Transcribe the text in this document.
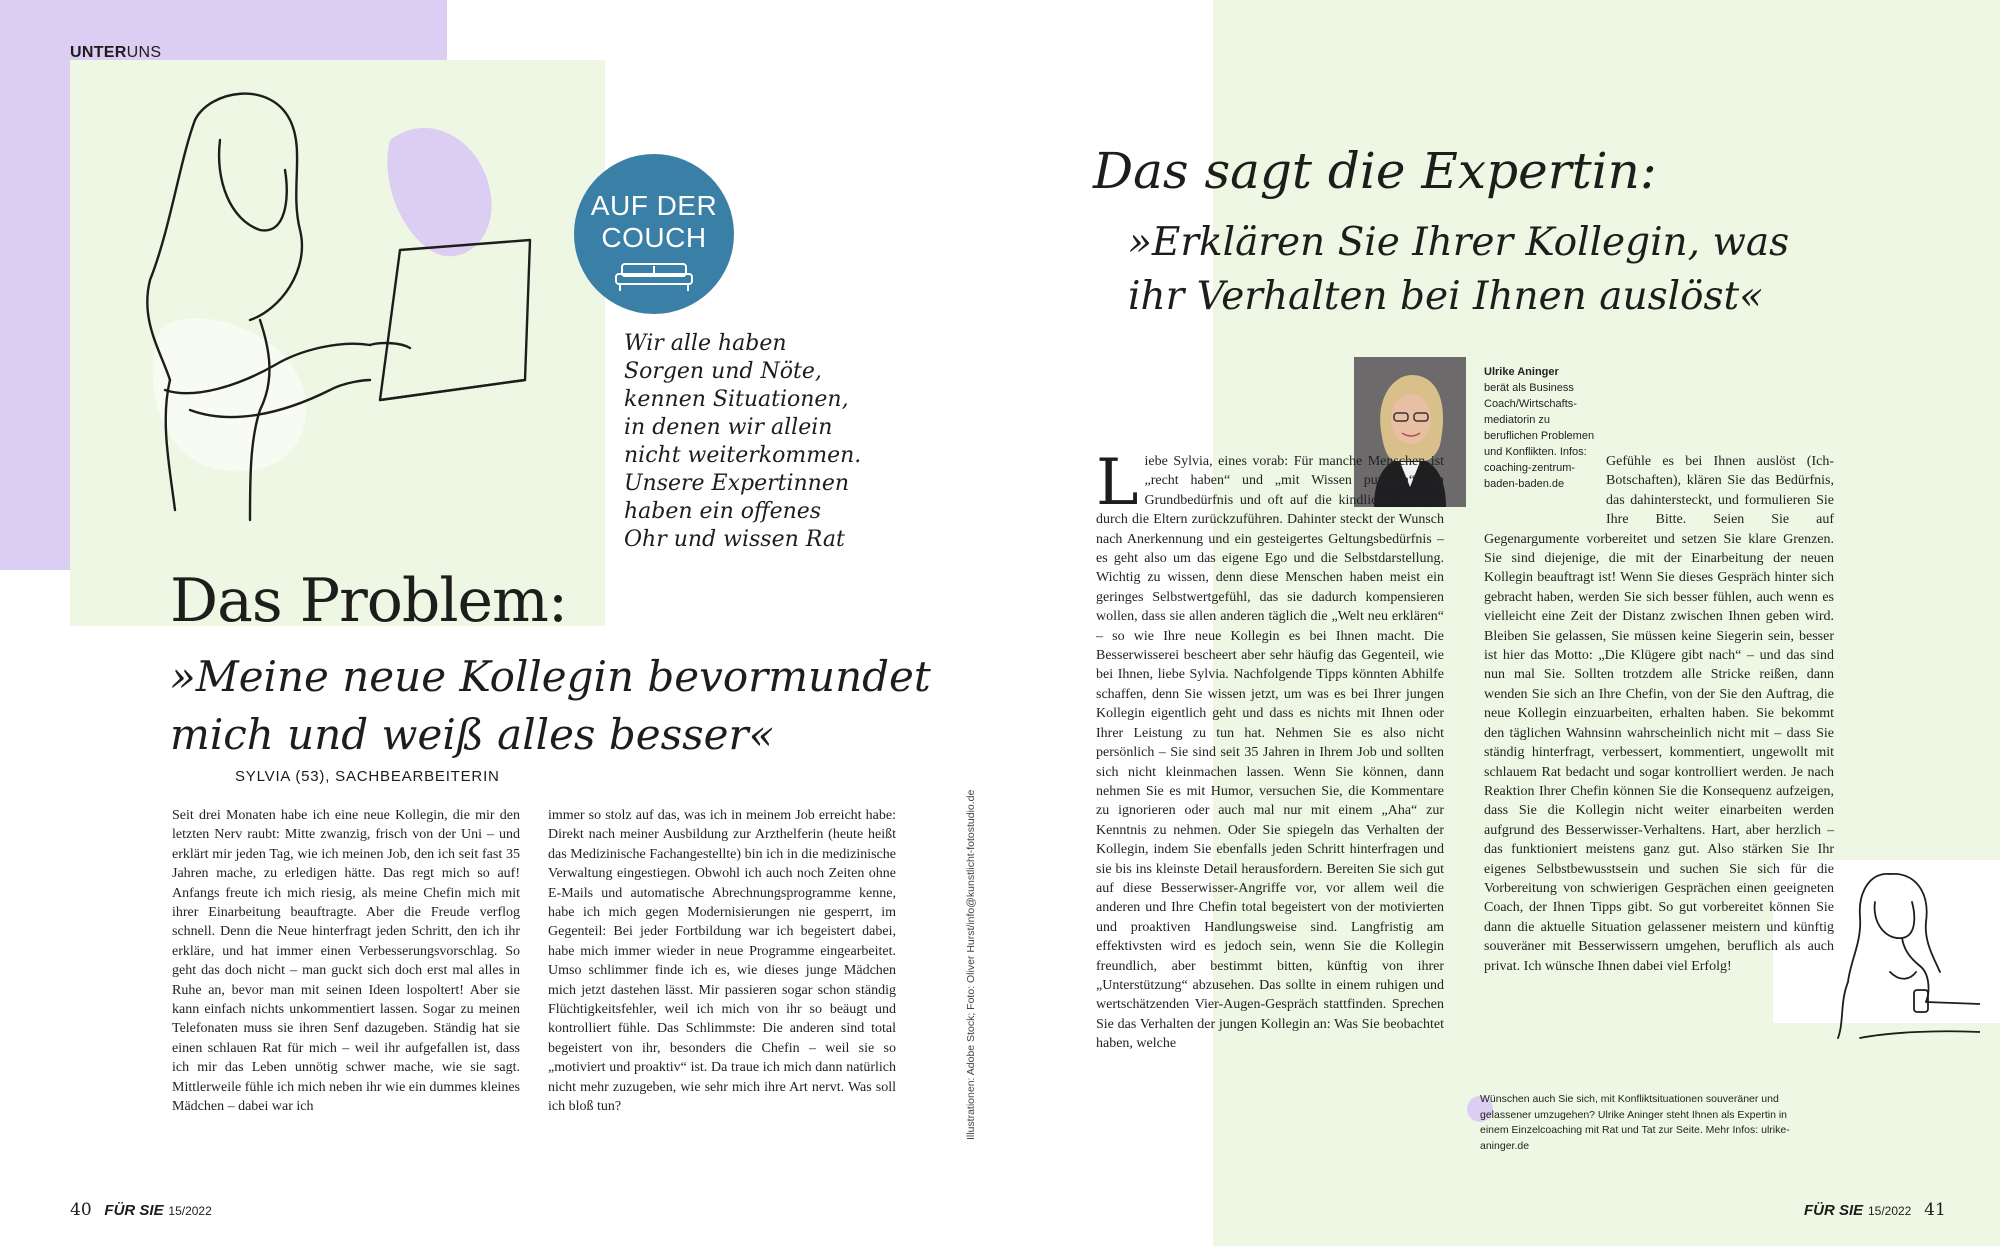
UNTERUNS
AUF DER
COUCH
Wir alle haben
Sorgen und Nöte,
kennen Situationen,
in denen wir allein
nicht weiterkommen.
Unsere Expertinnen
haben ein offenes
Ohr und wissen Rat
Das Problem:
»Meine neue Kollegin bevormundet
mich und weiß alles besser«
SYLVIA (53), SACHBEARBEITERIN

Seit drei Monaten habe ich eine neue Kollegin, die mir den letzten Nerv raubt: Mitte zwanzig, frisch von der Uni – und erklärt mir jeden Tag, wie ich meinen Job, den ich seit fast 35 Jahren mache, zu erledigen hätte. Das regt mich so auf! Anfangs freute ich mich riesig, als meine Chefin mich mit ihrer Einarbeitung beauftragte. Aber die Freude verflog schnell. Denn die Neue hinterfragt jeden Schritt, den ich ihr erkläre, und hat immer einen Verbesserungsvorschlag. So geht das doch nicht – man guckt sich doch erst mal alles in Ruhe an, bevor man mit seinen Ideen lospoltert! Aber sie kann einfach nichts unkommentiert lassen. Sogar zu meinen Telefonaten muss sie ihren Senf dazugeben. Ständig hat sie einen schlauen Rat für mich – weil ihr aufgefallen ist, dass ich mir das Leben unnötig schwer mache, wie sie sagt. Mittlerweile fühle ich mich neben ihr wie ein dummes kleines Mädchen – dabei war ich

immer so stolz auf das, was ich in meinem Job erreicht habe: Direkt nach meiner Ausbildung zur Arzthelferin (heute heißt das Medizinische Fachangestellte) bin ich in die medizinische Verwaltung eingestiegen. Obwohl ich auch noch Zeiten ohne E-Mails und automatische Abrechnungsprogramme kenne, habe ich mich gegen Modernisierungen nie gesperrt, im Gegenteil: Bei jeder Fortbildung war ich begeistert dabei, habe mich immer wieder in neue Programme eingearbeitet. Umso schlimmer finde ich es, wie dieses junge Mädchen mich jetzt dastehen lässt. Mir passieren sogar schon ständig Flüchtigkeitsfehler, weil ich mich von ihr so beäugt und kontrolliert fühle. Das Schlimmste: Die anderen sind total begeistert von ihr, besonders die Chefin – weil sie so „motiviert und proaktiv“ ist. Da traue ich mich dann natürlich nicht mehr zuzugeben, wie sehr mich ihre Art nervt. Was soll ich bloß tun?	Illustrationen: Adobe Stock; Foto: Oliver Hurst/info@kunstlicht-fotostudio.de
40 FÜR SIE 15/2022
Das sagt die Expertin:
»Erklären Sie Ihrer Kollegin, was
ihr Verhalten bei Ihnen auslöst«
Ulrike Aninger
berät als Business
Coach/Wirtschafts-
mediatorin zu
beruflichen Problemen
und Konflikten. Infos:
coaching-zentrum-
baden-baden.de
L iebe Sylvia, eines vorab: Für manche Menschen ist „recht haben“ und „mit Wissen punkten“ ein Grundbedürfnis und oft auf die kindliche Prägung durch die Eltern zurückzuführen. Dahinter steckt der Wunsch nach Anerkennung und ein gesteigertes Geltungsbedürfnis – es geht also um das eigene Ego und die Selbstdarstellung. Wichtig zu wissen, denn diese Menschen haben meist ein geringes Selbstwertgefühl, das sie dadurch kompensieren wollen, dass sie allen anderen täglich die „Welt neu erklären“ – so wie Ihre neue Kollegin es bei Ihnen macht. Die Besserwisserei bescheert aber sehr häufig das Gegenteil, wie bei Ihnen, liebe Sylvia. Nachfolgende Tipps könnten Abhilfe schaffen, denn Sie wissen jetzt, um was es bei Ihrer jungen Kollegin eigentlich geht und dass es nichts mit Ihnen oder Ihrer Leistung zu tun hat. Nehmen Sie es also nicht persönlich – Sie sind seit 35 Jahren in Ihrem Job und sollten sich nicht kleinmachen lassen. Wenn Sie können, dann nehmen Sie es mit Humor, versuchen Sie, die Kommentare zu ignorieren oder auch mal nur mit einem „Aha“ zur Kenntnis zu nehmen. Oder Sie spiegeln das Verhalten der Kollegin, indem Sie ebenfalls jeden Schritt hinterfragen und sie bis ins kleinste Detail herausfordern. Bereiten Sie sich gut auf diese Besserwisser-Angriffe vor, vor allem weil die anderen und Ihre Chefin total begeistert von der motivierten und proaktiven Handlungsweise sind. Langfristig am effektivsten wird es jedoch sein, wenn Sie die Kollegin freundlich, aber bestimmt bitten, künftig von ihrer „Unterstützung“ abzusehen. Das sollte in einem ruhigen und wertschätzenden Vier-Augen-Gespräch stattfinden. Sprechen Sie das Verhalten der jungen Kollegin an: Was Sie beobachtet haben, welche

Gefühle es bei Ihnen auslöst (Ich-Botschaften), klären Sie das Bedürfnis, das dahintersteckt, und formulieren Sie Ihre Bitte. Seien Sie auf Gegenargumente vorbereitet und setzen Sie klare Grenzen. Sie sind diejenige, die mit der Einarbeitung der neuen Kollegin beauftragt ist! Wenn Sie dieses Gespräch hinter sich gebracht haben, werden Sie sich besser fühlen, auch wenn es vielleicht eine Zeit der Distanz zwischen Ihnen geben wird. Bleiben Sie gelassen, Sie müssen keine Siegerin sein, besser ist hier das Motto: „Die Klügere gibt nach“ – und das sind nun mal Sie. Sollten trotzdem alle Stricke reißen, dann wenden Sie sich an Ihre Chefin, von der Sie den Auftrag, die neue Kollegin einzuarbeiten, erhalten haben. Sie bekommt den täglichen Wahnsinn wahrscheinlich nicht mit – dass Sie ständig hinterfragt, verbessert, kommentiert, ungewollt mit schlauem Rat bedacht und sogar kontrolliert werden. Je nach Reaktion Ihrer Chefin können Sie die Konsequenz aufzeigen, dass Sie die Kollegin nicht weiter einarbeiten werden aufgrund des Besserwisser-Verhaltens. Hart, aber herzlich – das funktioniert meistens ganz gut. Also stärken Sie Ihr eigenes Selbstbewusstsein und suchen Sie sich für die Vorbereitung von schwierigen Gesprächen einen geeigneten Coach, der Ihnen Tipps gibt. So gut vorbereitet können Sie dann die aktuelle Situation gelassener meistern und künftig souveräner mit Besserwissern umgehen, beruflich als auch privat. Ich wünsche Ihnen dabei viel Erfolg!

Wünschen auch Sie sich, mit Konfliktsituationen souveräner und gelassener umzugehen? Ulrike Aninger steht Ihnen als Expertin in einem Einzelcoaching mit Rat und Tat zur Seite. Mehr Infos: ulrike-aninger.de
FÜR SIE 15/2022 41
